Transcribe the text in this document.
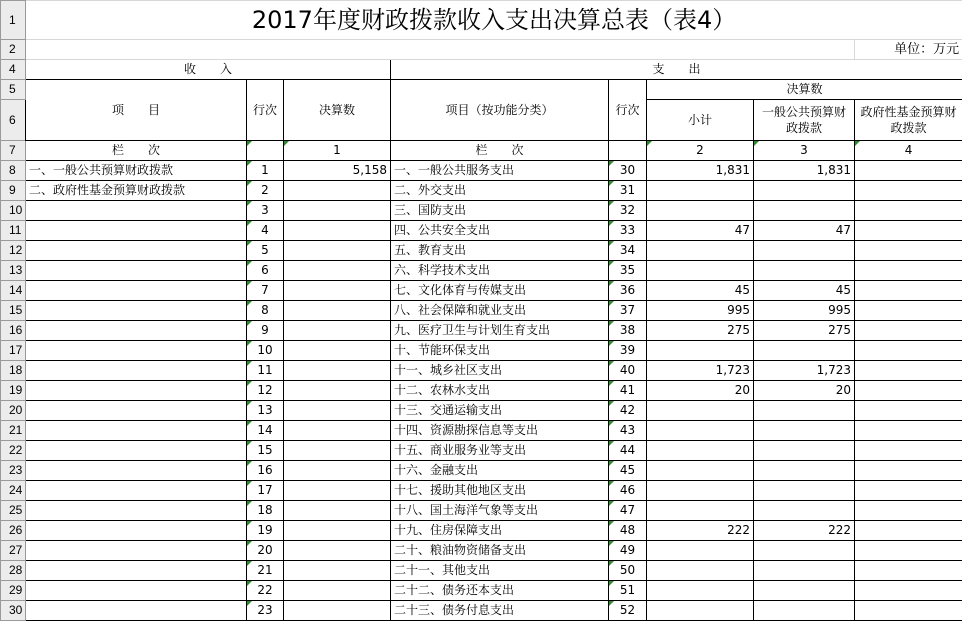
1	2017年度财政拨款收入支出决算总表（表4）							
2								单位：万元
4	收　　入			支　　出				
5	项　　目	行次	决算数	项目（按功能分类）	行次	决算数		
6						小计	一般公共预算财政拨款	政府性基金预算财政拨款
7	栏　　次		1	栏　　次		2	3	4
8	一、一般公共预算财政拨款	1	5,158	一、一般公共服务支出	30	1,831	1,831	
9	二、政府性基金预算财政拨款	2		二、外交支出	31			
10		3		三、国防支出	32			
11		4		四、公共安全支出	33	47	47	
12		5		五、教育支出	34			
13		6		六、科学技术支出	35			
14		7		七、文化体育与传媒支出	36	45	45	
15		8		八、社会保障和就业支出	37	995	995	
16		9		九、医疗卫生与计划生育支出	38	275	275	
17		10		十、节能环保支出	39			
18		11		十一、城乡社区支出	40	1,723	1,723	
19		12		十二、农林水支出	41	20	20	
20		13		十三、交通运输支出	42			
21		14		十四、资源勘探信息等支出	43			
22		15		十五、商业服务业等支出	44			
23		16		十六、金融支出	45			
24		17		十七、援助其他地区支出	46			
25		18		十八、国土海洋气象等支出	47			
26		19		十九、住房保障支出	48	222	222	
27		20		二十、粮油物资储备支出	49			
28		21		二十一、其他支出	50			
29		22		二十二、债务还本支出	51			
30		23		二十三、债务付息支出	52			
